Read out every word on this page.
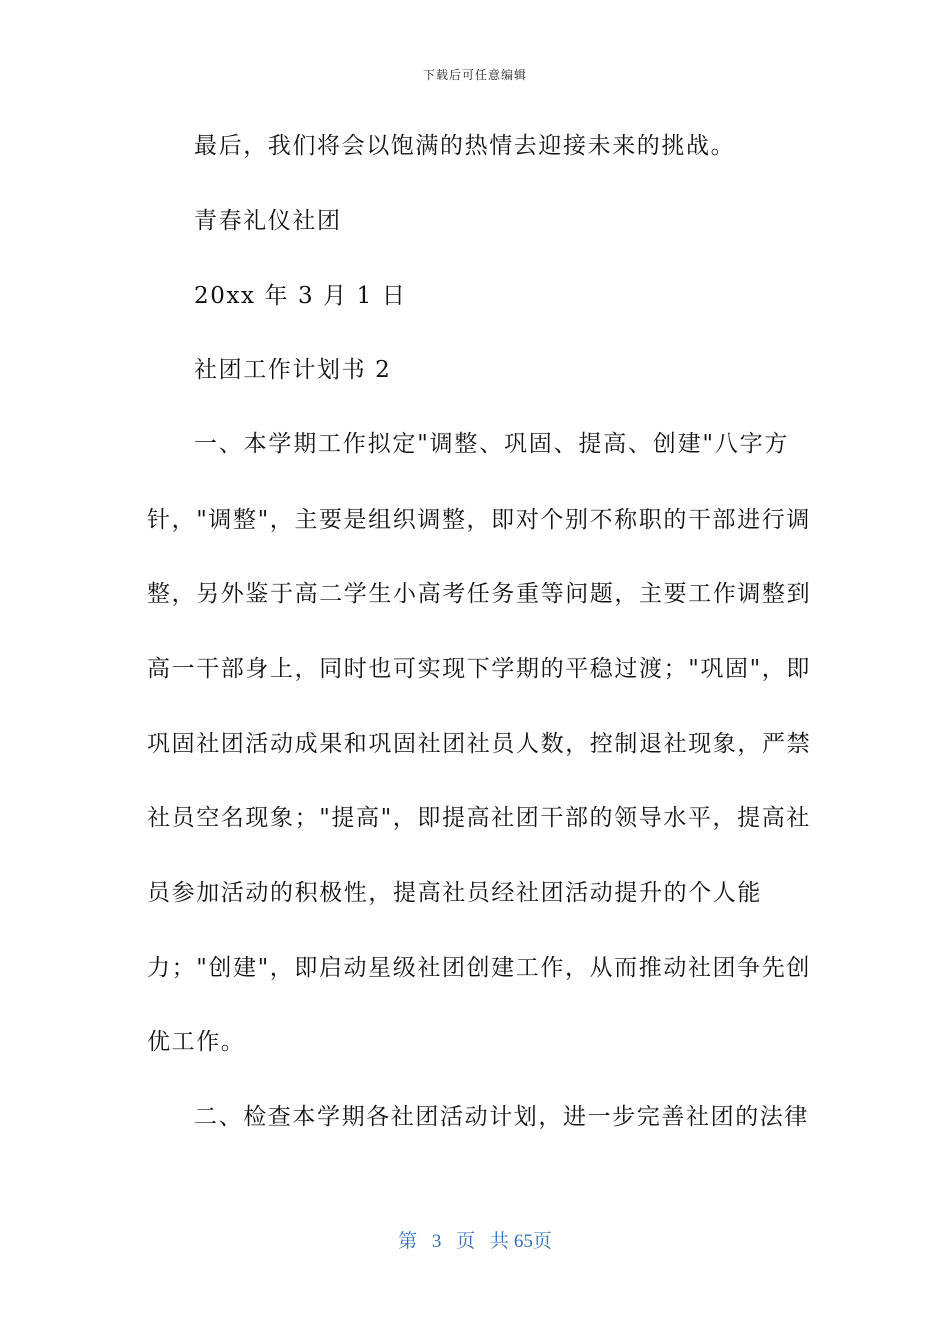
下载后可任意编辑
最后，我们将会以饱满的热情去迎接未来的挑战。
青春礼仪社团
20xx 年 3 月 1 日
社团工作计划书 2
一、本学期工作拟定"调整、巩固、提高、创建"八字方
针，"调整"，主要是组织调整，即对个别不称职的干部进行调
整，另外鉴于高二学生小高考任务重等问题，主要工作调整到
高一干部身上，同时也可实现下学期的平稳过渡；"巩固"，即
巩固社团活动成果和巩固社团社员人数，控制退社现象，严禁
社员空名现象；"提高"，即提高社团干部的领导水平，提高社
员参加活动的积极性，提高社员经社团活动提升的个人能
力；"创建"，即启动星级社团创建工作，从而推动社团争先创
优工作。
二、检查本学期各社团活动计划，进一步完善社团的法律
第 3 页 共 65页
